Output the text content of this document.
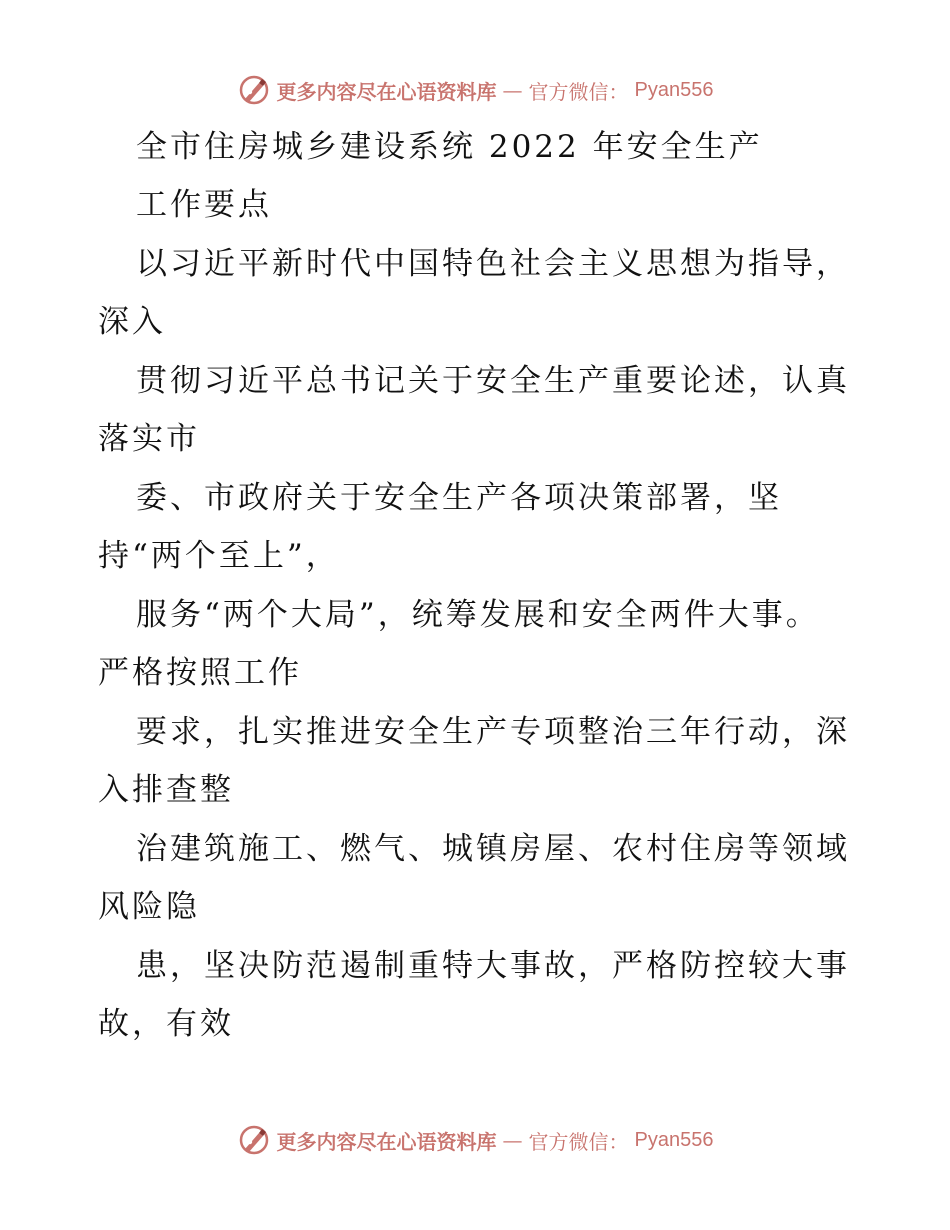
更多内容尽在心语资料库 — 官方微信： Pyan556
全市住房城乡建设系统 2022 年安全生产
工作要点
以习近平新时代中国特色社会主义思想为指导，
深入
贯彻习近平总书记关于安全生产重要论述，认真
落实市
委、市政府关于安全生产各项决策部署，坚
持“两个至上”，
服务“两个大局”，统筹发展和安全两件大事。
严格按照工作
要求，扎实推进安全生产专项整治三年行动，深
入排查整
治建筑施工、燃气、城镇房屋、农村住房等领域
风险隐
患，坚决防范遏制重特大事故，严格防控较大事
故，有效
更多内容尽在心语资料库 — 官方微信： Pyan556
